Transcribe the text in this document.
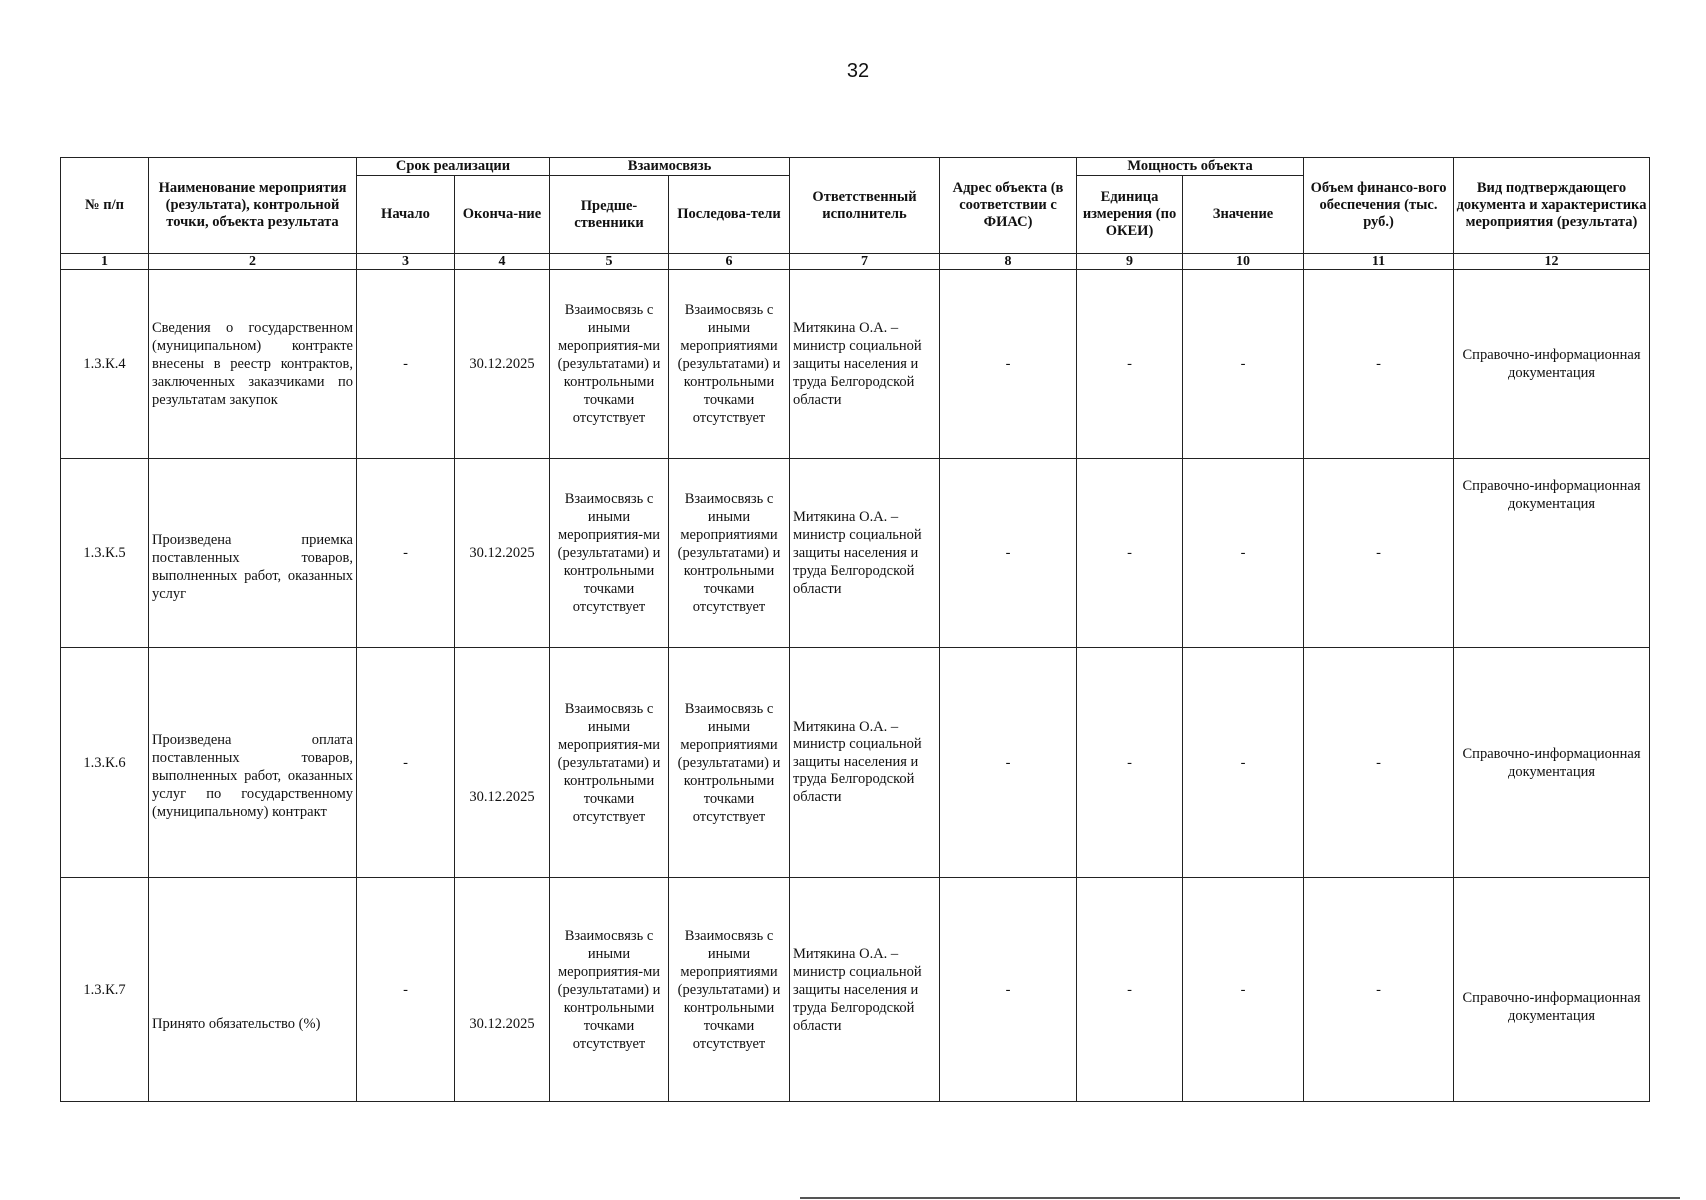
32
№ п/п	Наименование мероприятия (результата), контрольной точки, объекта результата	Срок реализации		Взаимосвязь		Ответственный исполнитель	Адрес объекта (в соответствии с ФИАС)	Мощность объекта		Объем финансо-вого обеспечения (тыс. руб.)	Вид подтверждающего документа и характеристика мероприятия (результата)
		Начало	Оконча-ние	Предше-ственники	Последова-тели			Единица измерения (по ОКЕИ)	Значение		
1	2	3	4	5	6	7	8	9	10	11	12
1.3.К.4	Сведения о государственном (муниципальном) контракте внесены в реестр контрактов, заключенных заказчиками по результатам закупок	-	30.12.2025	Взаимосвязь с иными мероприятия-ми (результатами) и контрольными точками отсутствует	Взаимосвязь с иными мероприятиями (результатами) и контрольными точками отсутствует	Митякина О.А. – министр социальной защиты населения и труда Белгородской области	-	-	-	-	Справочно-информационная документация
1.3.К.5	Произведена приемка поставленных товаров, выполненных работ, оказанных услуг	-	30.12.2025	Взаимосвязь с иными мероприятия-ми (результатами) и контрольными точками отсутствует	Взаимосвязь с иными мероприятиями (результатами) и контрольными точками отсутствует	Митякина О.А. – министр социальной защиты населения и труда Белгородской области	-	-	-	-	Справочно-информационная документация
1.3.К.6	Произведена оплата поставленных товаров, выполненных работ, оказанных услуг по государственному (муниципальному) контракт	-	30.12.2025	Взаимосвязь с иными мероприятия-ми (результатами) и контрольными точками отсутствует	Взаимосвязь с иными мероприятиями (результатами) и контрольными точками отсутствует	Митякина О.А. – министр социальной защиты населения и труда Белгородской области	-	-	-	-	Справочно-информационная документация
1.3.К.7	Принято обязательство (%)	-	30.12.2025	Взаимосвязь с иными мероприятия-ми (результатами) и контрольными точками отсутствует	Взаимосвязь с иными мероприятиями (результатами) и контрольными точками отсутствует	Митякина О.А. – министр социальной защиты населения и труда Белгородской области	-	-	-	-	Справочно-информационная документация
